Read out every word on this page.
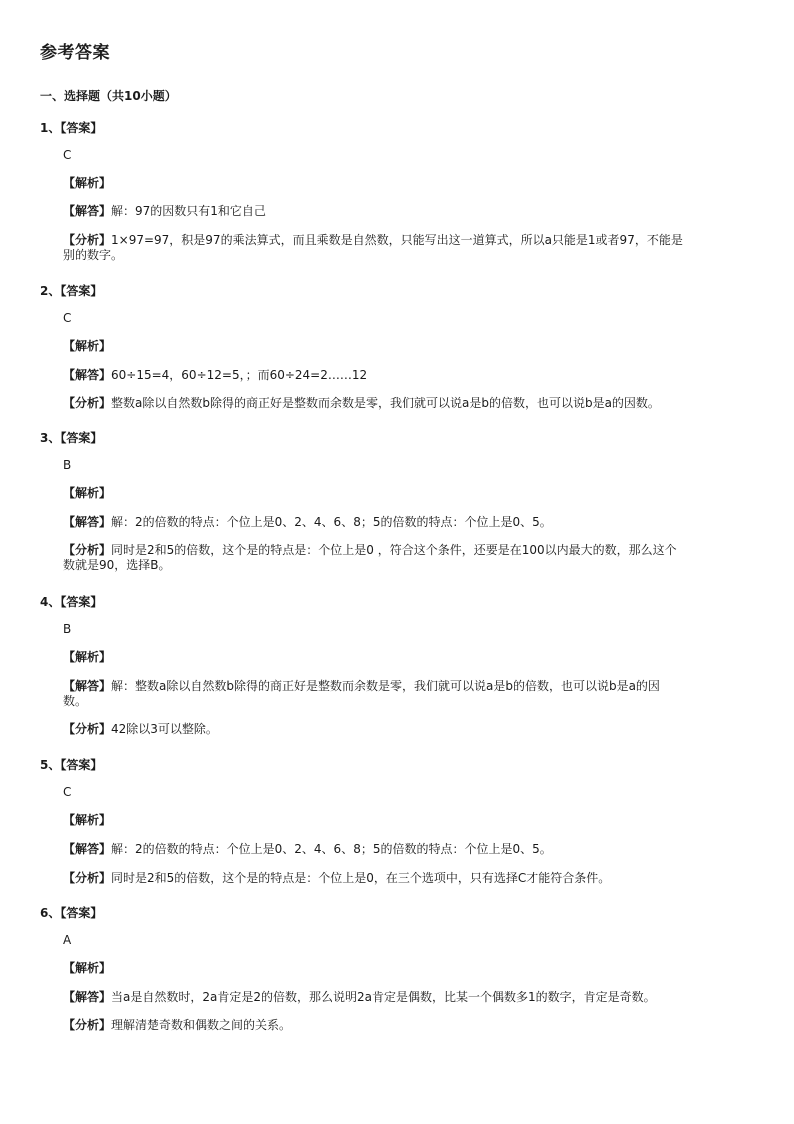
参考答案
一、选择题（共10小题）
1、【答案】
C
【解析】
【解答】解：97的因数只有1和它自己
【分析】1×97=97，积是97的乘法算式，而且乘数是自然数，只能写出这一道算式，所以a只能是1或者97，不能是
别的数字。
2、【答案】
C
【解析】
【解答】60÷15=4，60÷12=5，；而60÷24=2……12
【分析】整数a除以自然数b除得的商正好是整数而余数是零，我们就可以说a是b的倍数，也可以说b是a的因数。
3、【答案】
B
【解析】
【解答】解：2的倍数的特点：个位上是0、2、4、6、8；5的倍数的特点：个位上是0、5。
【分析】同时是2和5的倍数，这个是的特点是：个位上是0 ，符合这个条件，还要是在100以内最大的数，那么这个
数就是90，选择B。
4、【答案】
B
【解析】
【解答】解：整数a除以自然数b除得的商正好是整数而余数是零，我们就可以说a是b的倍数，也可以说b是a的因
数。
【分析】42除以3可以整除。
5、【答案】
C
【解析】
【解答】解：2的倍数的特点：个位上是0、2、4、6、8；5的倍数的特点：个位上是0、5。
【分析】同时是2和5的倍数，这个是的特点是：个位上是0，在三个选项中，只有选择C才能符合条件。
6、【答案】
A
【解析】
【解答】当a是自然数时，2a肯定是2的倍数，那么说明2a肯定是偶数，比某一个偶数多1的数字，肯定是奇数。
【分析】理解清楚奇数和偶数之间的关系。
